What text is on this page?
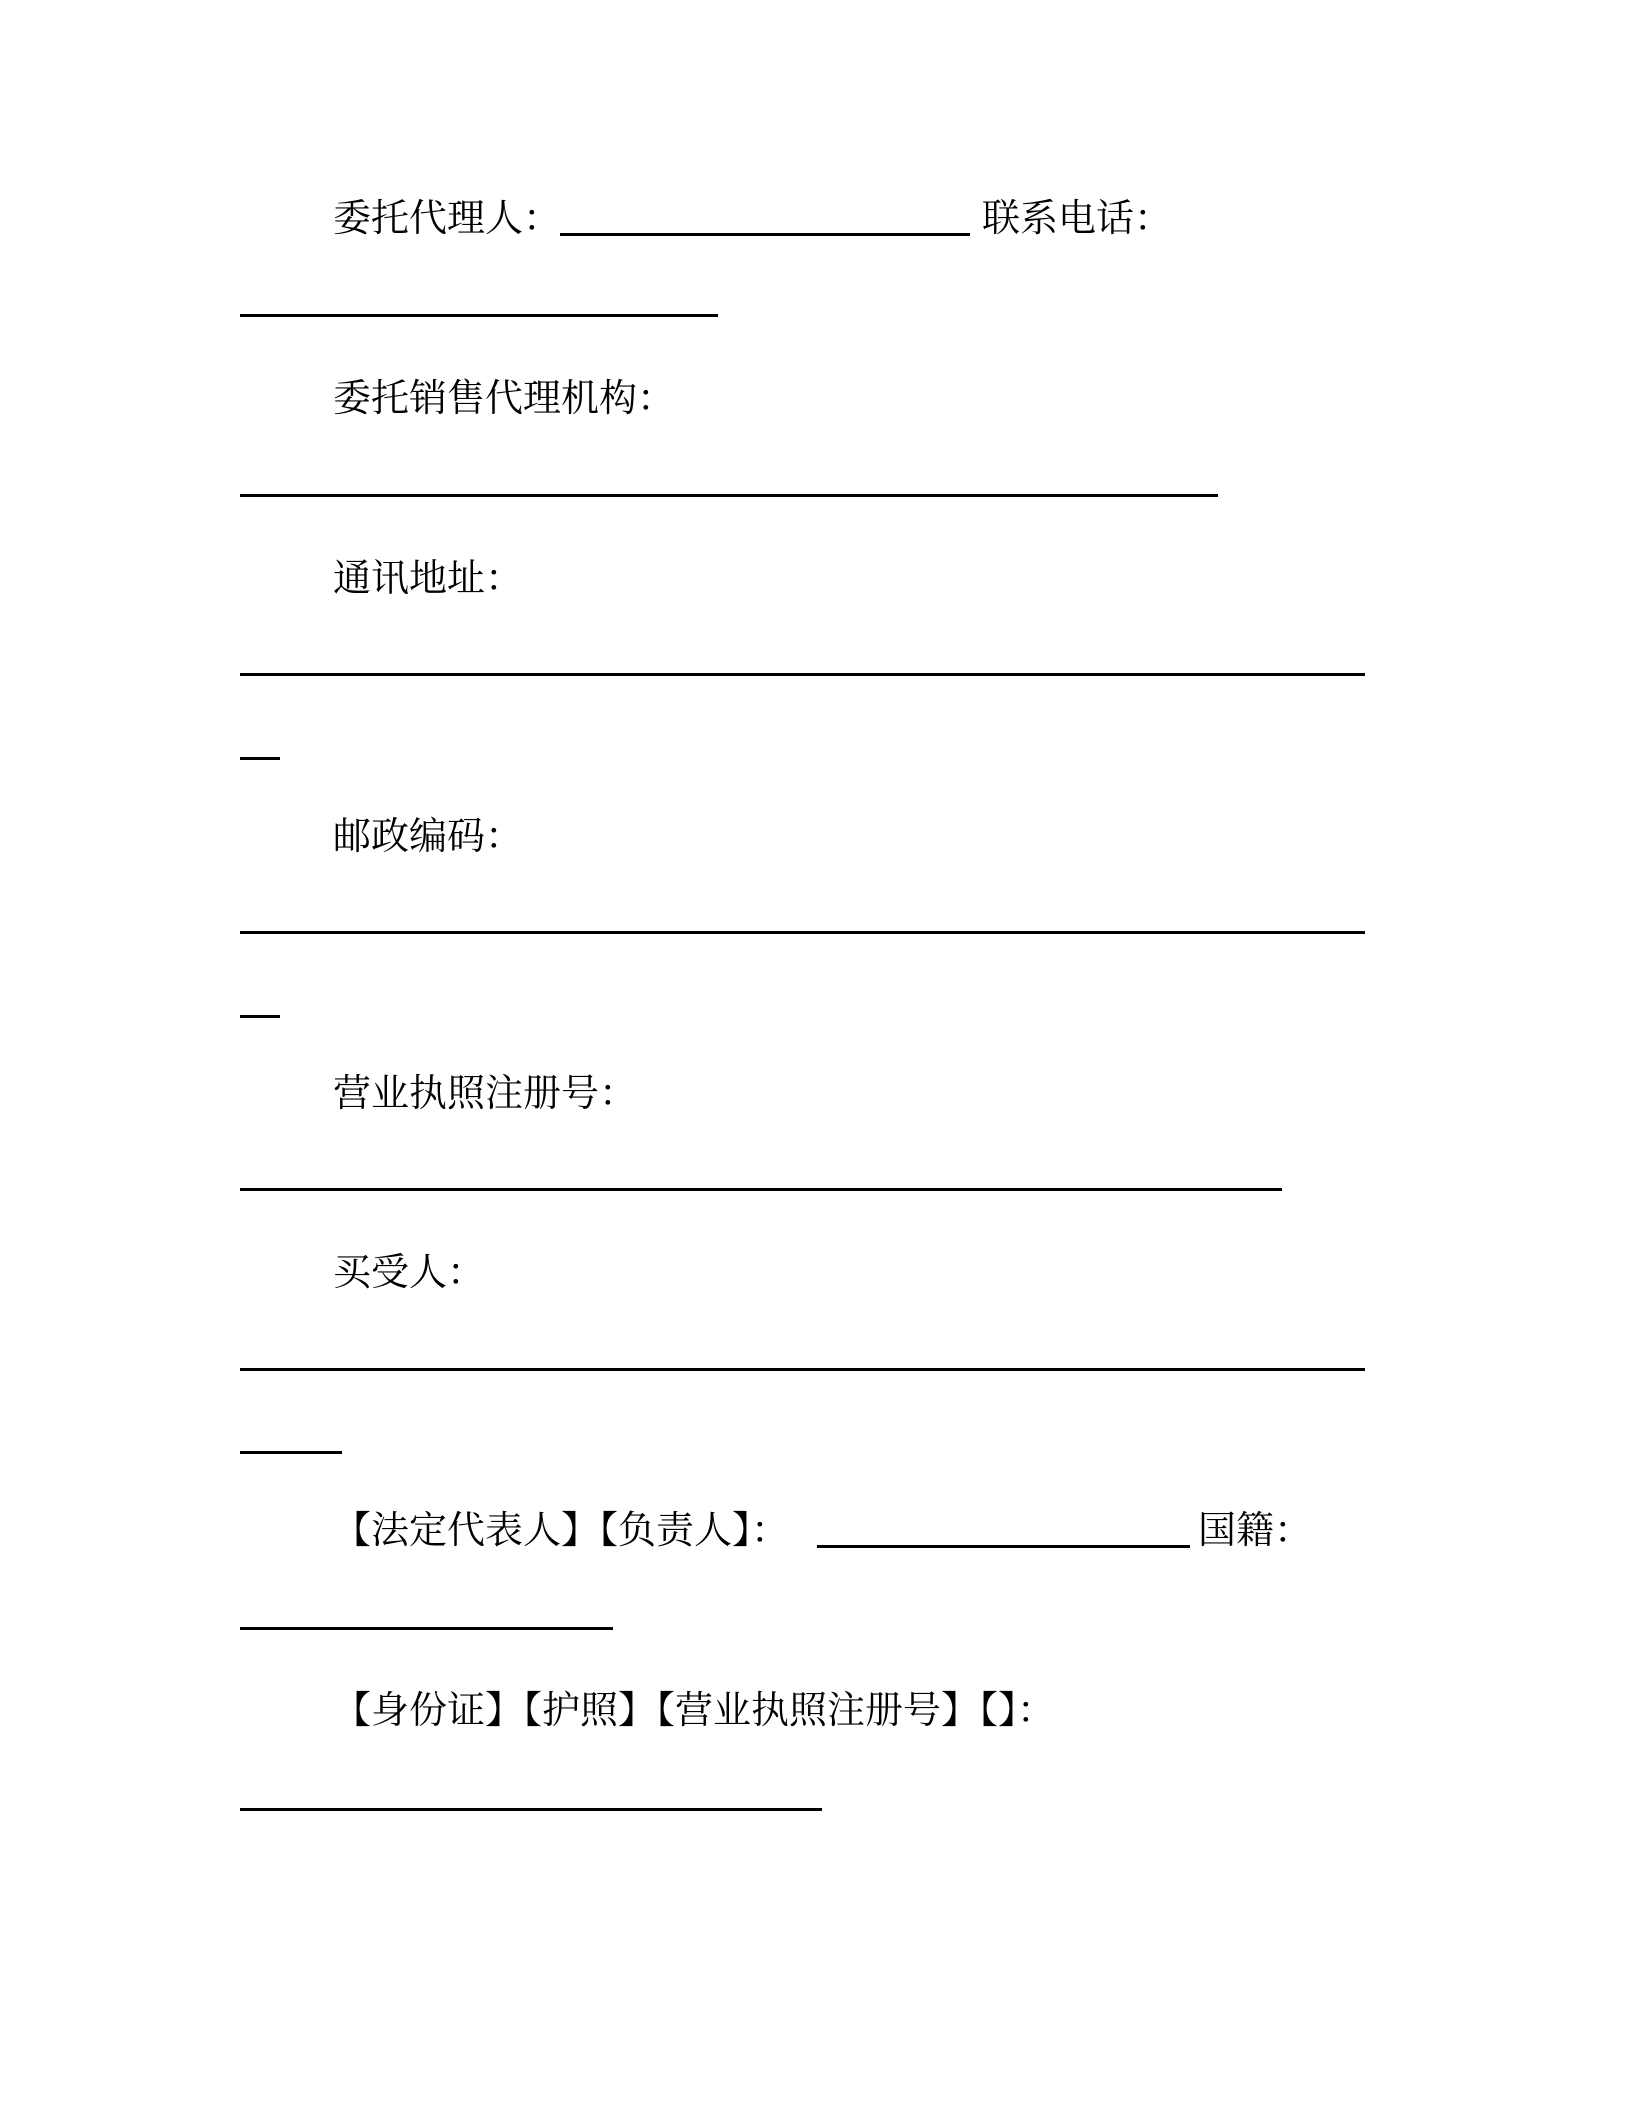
委托代理人：	联系电话：
委托销售代理机构：
通讯地址：
邮政编码：
营业执照注册号：
买受人：
【法定代表人】【负责人】：	国籍：
【身份证】【护照】【营业执照注册号】【】：
